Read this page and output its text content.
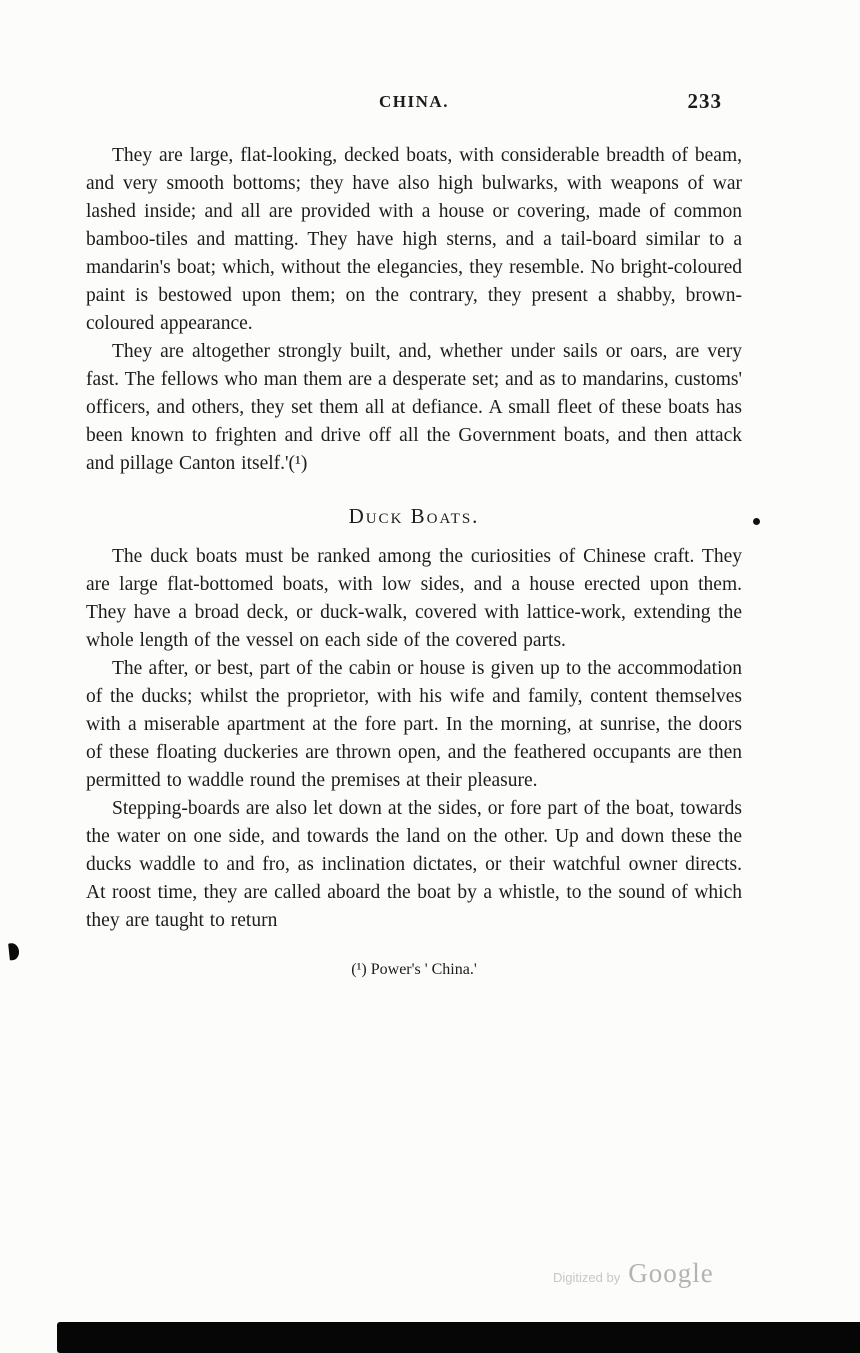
CHINA.	233

They are large, flat-looking, decked boats, with considerable breadth of beam, and very smooth bottoms; they have also high bulwarks, with weapons of war lashed inside; and all are provided with a house or covering, made of common bamboo-tiles and matting. They have high sterns, and a tail-board similar to a mandarin's boat; which, without the elegancies, they resemble. No bright-coloured paint is bestowed upon them; on the contrary, they present a shabby, brown-coloured appearance.

They are altogether strongly built, and, whether under sails or oars, are very fast. The fellows who man them are a desperate set; and as to mandarins, customs' officers, and others, they set them all at defiance. A small fleet of these boats has been known to frighten and drive off all the Government boats, and then attack and pillage Canton itself.'(¹)

Duck Boats.

The duck boats must be ranked among the curiosities of Chinese craft. They are large flat-bottomed boats, with low sides, and a house erected upon them. They have a broad deck, or duck-walk, covered with lattice-work, extending the whole length of the vessel on each side of the covered parts.

The after, or best, part of the cabin or house is given up to the accommodation of the ducks; whilst the proprietor, with his wife and family, content themselves with a miserable apartment at the fore part. In the morning, at sunrise, the doors of these floating duckeries are thrown open, and the feathered occupants are then permitted to waddle round the premises at their pleasure.

Stepping-boards are also let down at the sides, or fore part of the boat, towards the water on one side, and towards the land on the other. Up and down these the ducks waddle to and fro, as inclination dictates, or their watchful owner directs. At roost time, they are called aboard the boat by a whistle, to the sound of which they are taught to return

(¹) Power's ' China.'
Digitized by Google
